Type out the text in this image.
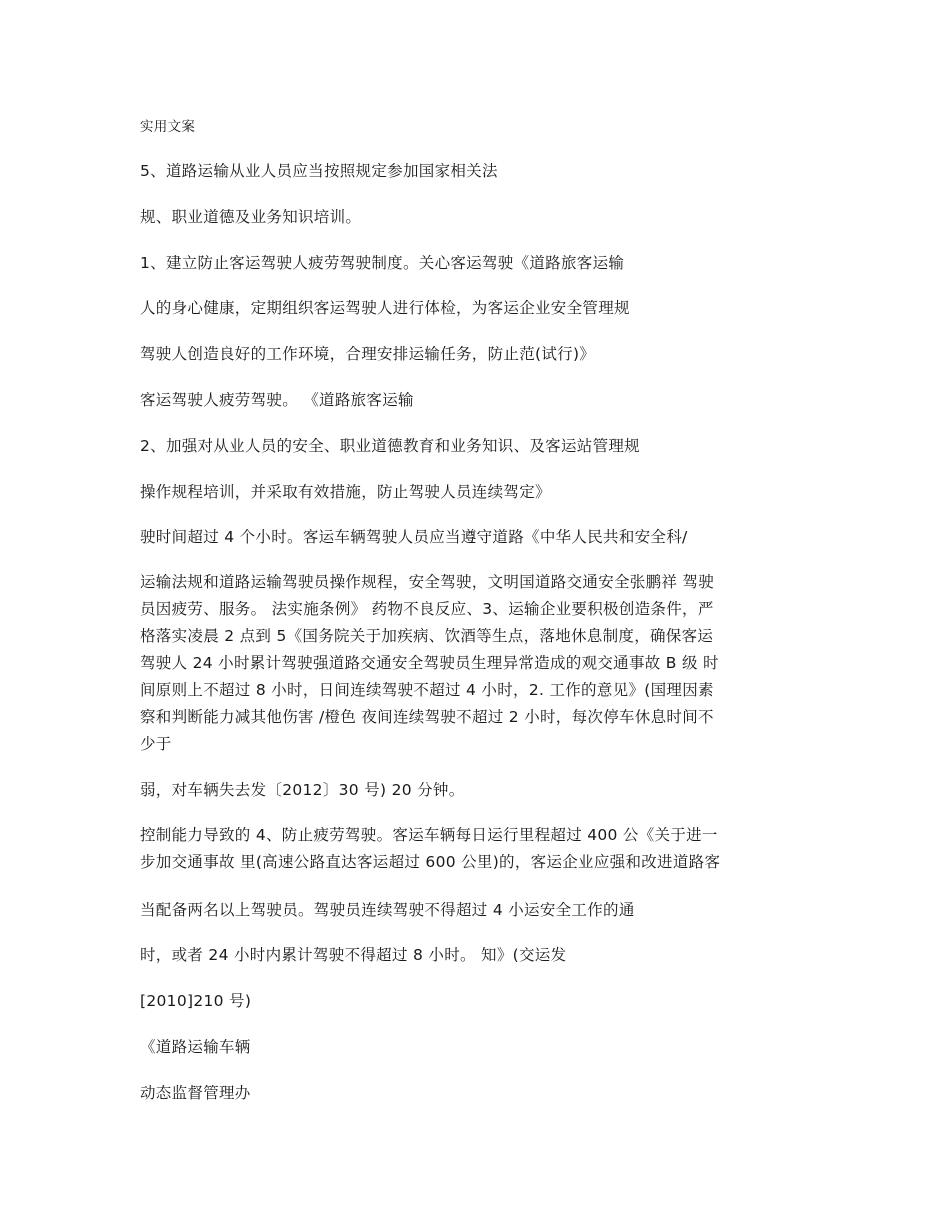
实用文案
5、道路运输从业人员应当按照规定参加国家相关法
规、职业道德及业务知识培训。
1、建立防止客运驾驶人疲劳驾驶制度。关心客运驾驶《道路旅客运输
人的身心健康，定期组织客运驾驶人进行体检，为客运企业安全管理规
驾驶人创造良好的工作环境，合理安排运输任务，防止范(试行)》
客运驾驶人疲劳驾驶。 《道路旅客运输
2、加强对从业人员的安全、职业道德教育和业务知识、及客运站管理规
操作规程培训，并采取有效措施，防止驾驶人员连续驾定》
驶时间超过 4 个小时。客运车辆驾驶人员应当遵守道路《中华人民共和安全科/
运输法规和道路运输驾驶员操作规程，安全驾驶，文明国道路交通安全张鹏祥 驾驶
员因疲劳、服务。 法实施条例》 药物不良反应、3、运输企业要积极创造条件，严
格落实凌晨 2 点到 5《国务院关于加疾病、饮酒等生点，落地休息制度，确保客运
驾驶人 24 小时累计驾驶强道路交通安全驾驶员生理异常造成的观交通事故 B 级 时
间原则上不超过 8 小时，日间连续驾驶不超过 4 小时，2. 工作的意见》(国理因素
察和判断能力减其他伤害 /橙色 夜间连续驾驶不超过 2 小时，每次停车休息时间不
少于
弱，对车辆失去发〔2012〕30 号) 20 分钟。
控制能力导致的 4、防止疲劳驾驶。客运车辆每日运行里程超过 400 公《关于进一
步加交通事故 里(高速公路直达客运超过 600 公里)的，客运企业应强和改进道路客
当配备两名以上驾驶员。驾驶员连续驾驶不得超过 4 小运安全工作的通
时，或者 24 小时内累计驾驶不得超过 8 小时。 知》(交运发
[2010]210 号)
《道路运输车辆
动态监督管理办
